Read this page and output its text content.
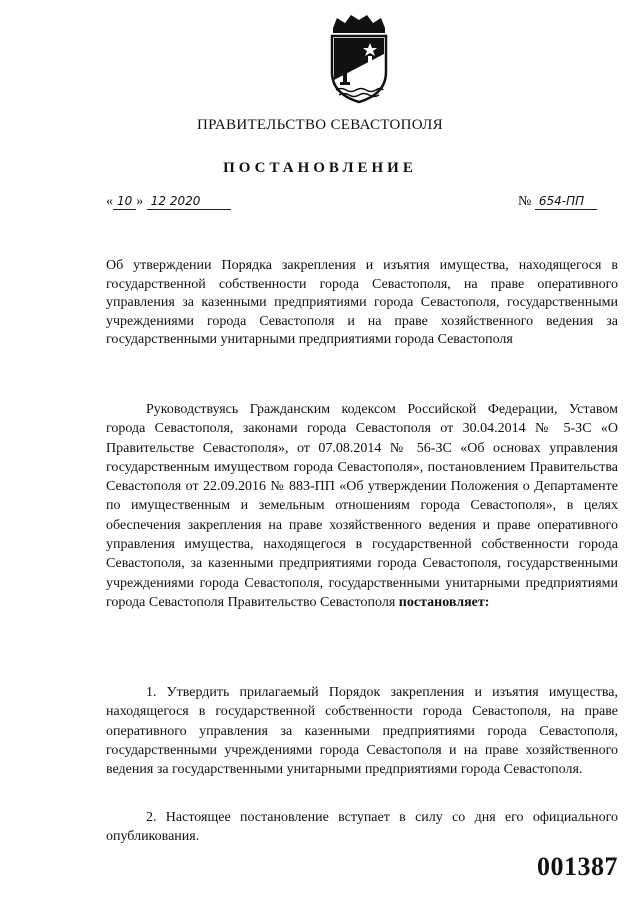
ПРАВИТЕЛЬСТВО СЕВАСТОПОЛЯ
ПОСТАНОВЛЕНИЕ
« 10 » 12 2020	№ 654-ПП

Об утверждении Порядка закрепления и изъятия имущества, находящегося в государственной собственности города Севастополя, на праве оперативного управления за казенными предприятиями города Севастополя, государственными учреждениями города Севастополя и на праве хозяйственного ведения за государственными унитарными предприятиями города Севастополя

Руководствуясь Гражданским кодексом Российской Федерации, Уставом города Севастополя, законами города Севастополя от 30.04.2014 № 5-ЗС «О Правительстве Севастополя», от 07.08.2014 № 56-ЗС «Об основах управления государственным имуществом города Севастополя», постановлением Правительства Севастополя от 22.09.2016 № 883-ПП «Об утверждении Положения о Департаменте по имущественным и земельным отношениям города Севастополя», в целях обеспечения закрепления на праве хозяйственного ведения и праве оперативного управления имущества, находящегося в государственной собственности города Севастополя, за казенными предприятиями города Севастополя, государственными учреждениями города Севастополя, государственными унитарными предприятиями города Севастополя Правительство Севастополя постановляет:

1. Утвердить прилагаемый Порядок закрепления и изъятия имущества, находящегося в государственной собственности города Севастополя, на праве оперативного управления за казенными предприятиями города Севастополя, государственными учреждениями города Севастополя и на праве хозяйственного ведения за государственными унитарными предприятиями города Севастополя.

2. Настоящее постановление вступает в силу со дня его официального опубликования.

001387
